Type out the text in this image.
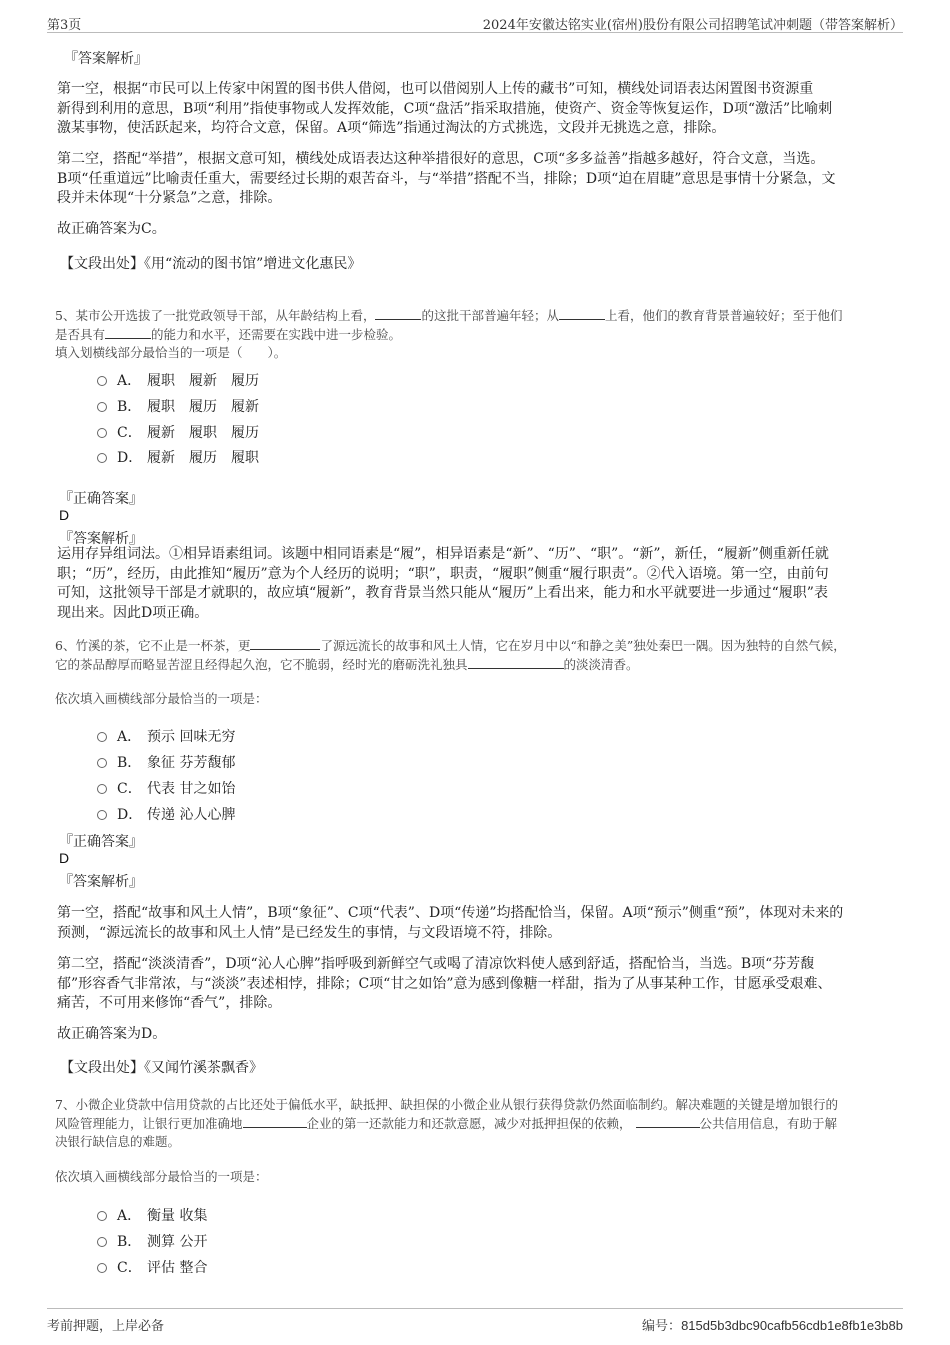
第3页	2024年安徽达铭实业(宿州)股份有限公司招聘笔试冲刺题（带答案解析）
『答案解析』
第一空，根据“市民可以上传家中闲置的图书供人借阅，也可以借阅别人上传的藏书”可知，横线处词语表达闲置图书资源重
新得到利用的意思，B项“利用”指使事物或人发挥效能，C项“盘活”指采取措施，使资产、资金等恢复运作，D项“激活”比喻刺
激某事物，使活跃起来，均符合文意，保留。A项“筛选”指通过淘汰的方式挑选，文段并无挑选之意，排除。
第二空，搭配“举措”，根据文意可知，横线处成语表达这种举措很好的意思，C项“多多益善”指越多越好，符合文意，当选。
B项“任重道远”比喻责任重大，需要经过长期的艰苦奋斗，与“举措”搭配不当，排除；D项“迫在眉睫”意思是事情十分紧急，文
段并未体现“十分紧急”之意，排除。
故正确答案为C。
【文段出处】《用“流动的图书馆”增进文化惠民》
5、某市公开选拔了一批党政领导干部，从年龄结构上看，	的这批干部普遍年轻；从	上看，他们的教育背景普遍较好；至于他们
是否具有	的能力和水平，还需要在实践中进一步检验。
填入划横线部分最恰当的一项是（　　）。
A． 履职　履新　履历
B． 履职　履历　履新
C． 履新　履职　履历
D． 履新　履历　履职
『正确答案』
D
『答案解析』
运用存异组词法。①相异语素组词。该题中相同语素是“履”，相异语素是“新”、“历”、“职”。“新”，新任，“履新”侧重新任就
职；“历”，经历，由此推知“履历”意为个人经历的说明；“职”，职责，“履职”侧重“履行职责”。②代入语境。第一空，由前句
可知，这批领导干部是才就职的，故应填“履新”，教育背景当然只能从“履历”上看出来，能力和水平就要进一步通过“履职”表
现出来。因此D项正确。
6、竹溪的茶，它不止是一杯茶，更	了源远流长的故事和风土人情，它在岁月中以“和静之美”独处秦巴一隅。因为独特的自然气候，
它的茶品醇厚而略显苦涩且经得起久泡，它不脆弱，经时光的磨砺洗礼独具	的淡淡清香。
依次填入画横线部分最恰当的一项是：
A． 预示 回味无穷
B． 象征 芬芳馥郁
C． 代表 甘之如饴
D． 传递 沁人心脾
『正确答案』
D
『答案解析』
第一空，搭配“故事和风土人情”，B项“象征”、C项“代表”、D项“传递”均搭配恰当，保留。A项“预示”侧重“预”，体现对未来的
预测，“源远流长的故事和风土人情”是已经发生的事情，与文段语境不符，排除。
第二空，搭配“淡淡清香”，D项“沁人心脾”指呼吸到新鲜空气或喝了清凉饮料使人感到舒适，搭配恰当，当选。B项“芬芳馥
郁”形容香气非常浓，与“淡淡”表述相悖，排除；C项“甘之如饴”意为感到像糖一样甜，指为了从事某种工作，甘愿承受艰难、
痛苦，不可用来修饰“香气”，排除。
故正确答案为D。
【文段出处】《又闻竹溪茶飘香》
7、小微企业贷款中信用贷款的占比还处于偏低水平，缺抵押、缺担保的小微企业从银行获得贷款仍然面临制约。解决难题的关键是增加银行的
风险管理能力，让银行更加准确地	企业的第一还款能力和还款意愿，减少对抵押担保的依赖，	公共信用信息，有助于解
决银行缺信息的难题。
依次填入画横线部分最恰当的一项是：
A． 衡量 收集
B． 测算 公开
C． 评估 整合
考前押题，上岸必备	编号：815d5b3dbc90cafb56cdb1e8fb1e3b8b
